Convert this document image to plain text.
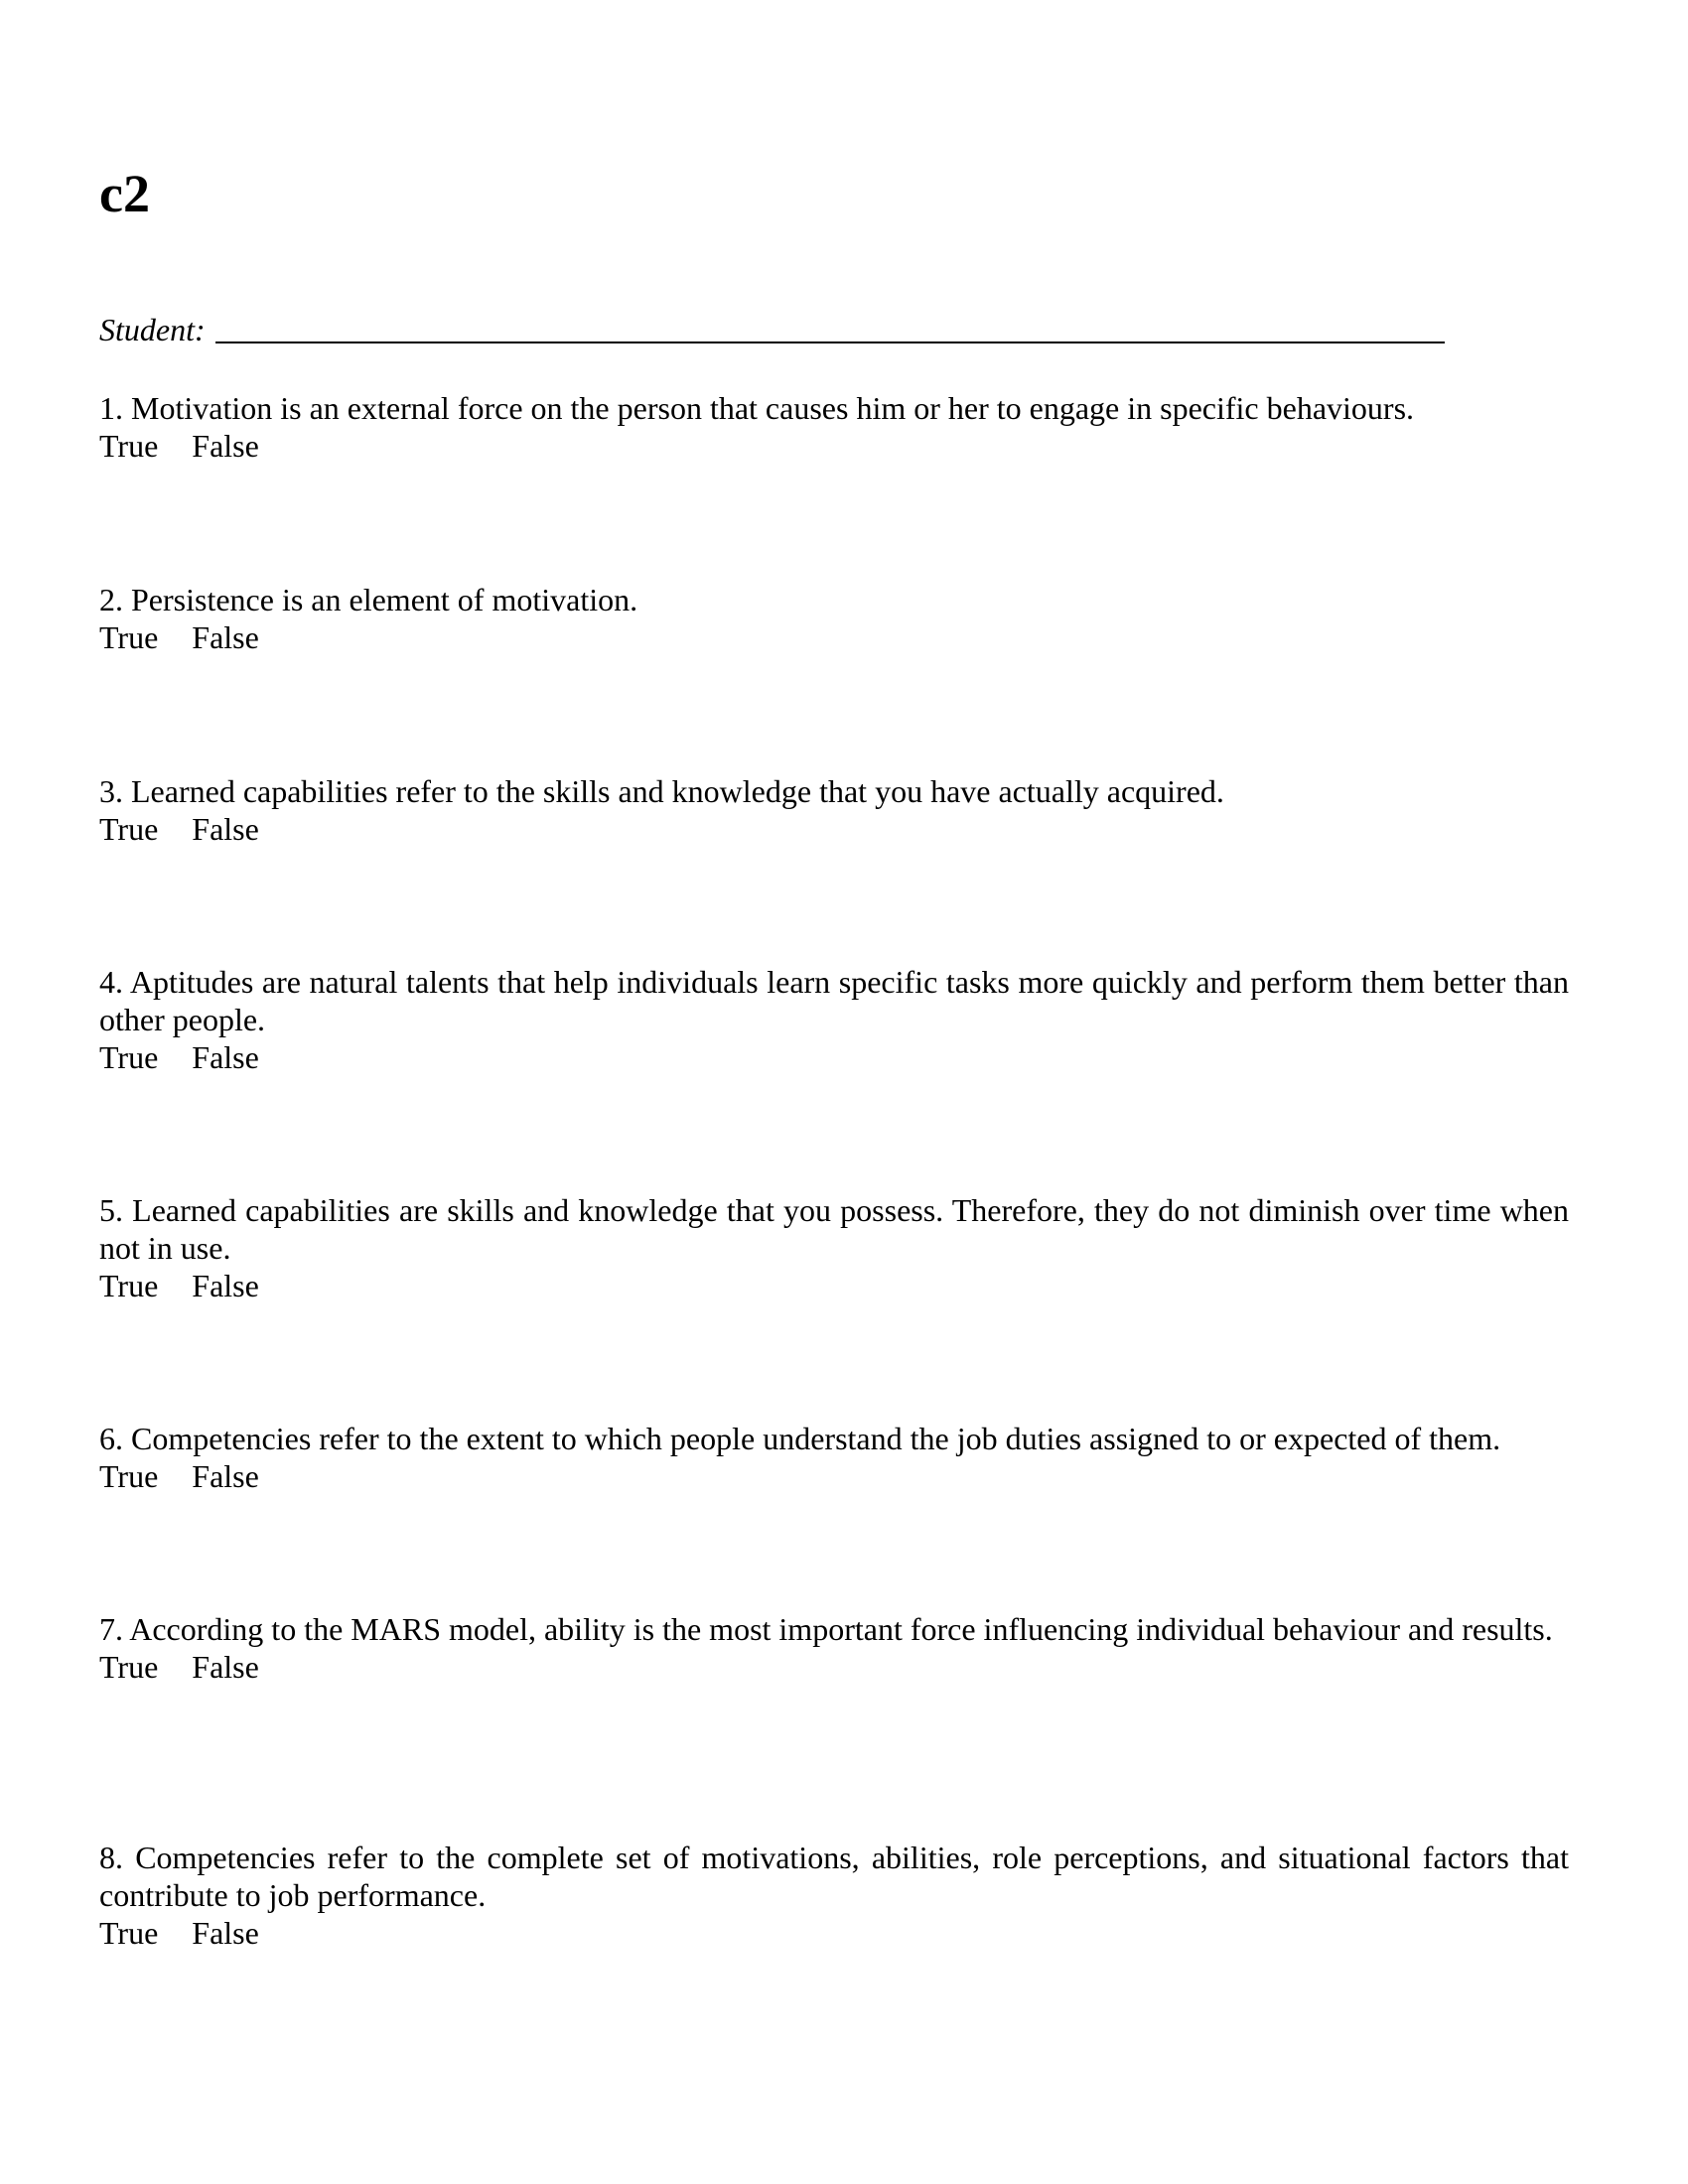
c2
Student:
1. Motivation is an external force on the person that causes him or her to engage in specific behaviours.
True False
2. Persistence is an element of motivation.
True False
3. Learned capabilities refer to the skills and knowledge that you have actually acquired.
True False
4. Aptitudes are natural talents that help individuals learn specific tasks more quickly and perform them better than other people.
True False
5. Learned capabilities are skills and knowledge that you possess. Therefore, they do not diminish over time when not in use.
True False
6. Competencies refer to the extent to which people understand the job duties assigned to or expected of them.
True False
7. According to the MARS model, ability is the most important force influencing individual behaviour and results.
True False
8. Competencies refer to the complete set of motivations, abilities, role perceptions, and situational factors that contribute to job performance.
True False
